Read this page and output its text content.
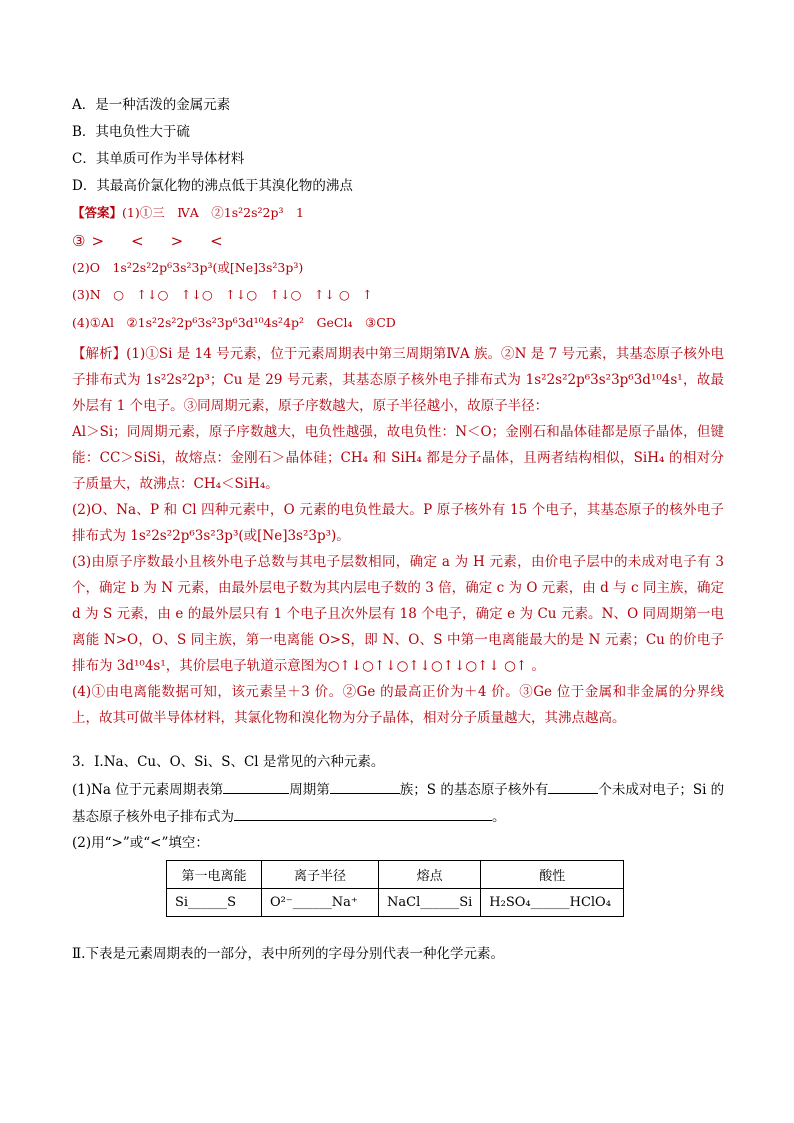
A．是一种活泼的金属元素
B．其电负性大于硫
C．其单质可作为半导体材料
D．其最高价氯化物的沸点低于其溴化物的沸点
【答案】(1)①三　ⅣA　②1s²2s²2p³　1
③>　<　>　<
(2)O　1s²2s²2p⁶3s²3p³(或[Ne]3s²3p³)
(3)N　○　↑↓○　↑↓○　↑↓○　↑↓○　↑↓ ○　↑
(4)①Al　②1s²2s²2p⁶3s²3p⁶3d¹⁰4s²4p²　GeCl₄　③CD

【解析】(1)①Si 是 14 号元素，位于元素周期表中第三周期第ⅣA 族。②N 是 7 号元素，其基态原子核外电子排布式为 1s²2s²2p³；Cu 是 29 号元素，其基态原子核外电子排布式为 1s²2s²2p⁶3s²3p⁶3d¹⁰4s¹，故最外层有 1 个电子。③同周期元素，原子序数越大，原子半径越小，故原子半径：

Al＞Si；同周期元素，原子序数越大，电负性越强，故电负性：N＜O；金刚石和晶体硅都是原子晶体，但键能：CC＞SiSi，故熔点：金刚石＞晶体硅；CH₄ 和 SiH₄ 都是分子晶体，且两者结构相似，SiH₄ 的相对分子质量大，故沸点：CH₄＜SiH₄。

(2)O、Na、P 和 Cl 四种元素中，O 元素的电负性最大。P 原子核外有 15 个电子，其基态原子的核外电子排布式为 1s²2s²2p⁶3s²3p³(或[Ne]3s²3p³)。

(3)由原子序数最小且核外电子总数与其电子层数相同，确定 a 为 H 元素，由价电子层中的未成对电子有 3 个，确定 b 为 N 元素，由最外层电子数为其内层电子数的 3 倍，确定 c 为 O 元素，由 d 与 c 同主族，确定 d 为 S 元素，由 e 的最外层只有 1 个电子且次外层有 18 个电子，确定 e 为 Cu 元素。N、O 同周期第一电离能 N>O，O、S 同主族，第一电离能 O>S，即 N、O、S 中第一电离能最大的是 N 元素；Cu 的价电子排布为 3d¹⁰4s¹，其价层电子轨道示意图为○↑↓○↑↓○↑↓○↑↓○↑↓ ○↑ 。

(4)①由电离能数据可知，该元素呈＋3 价。②Ge 的最高正价为＋4 价。③Ge 位于金属和非金属的分界线上，故其可做半导体材料，其氯化物和溴化物为分子晶体，相对分子质量越大，其沸点越高。

3．Ⅰ.Na、Cu、O、Si、S、Cl 是常见的六种元素。
(1)Na 位于元素周期表第	周期第	族；S 的基态原子核外有	个未成对电子；Si 的
基态原子核外电子排布式为	。
(2)用“>”或“<”填空：
第一电离能	离子半径	熔点	酸性
Si______S	O²⁻______Na⁺	NaCl______Si	H₂SO₄______HClO₄
Ⅱ.下表是元素周期表的一部分，表中所列的字母分别代表一种化学元素。
